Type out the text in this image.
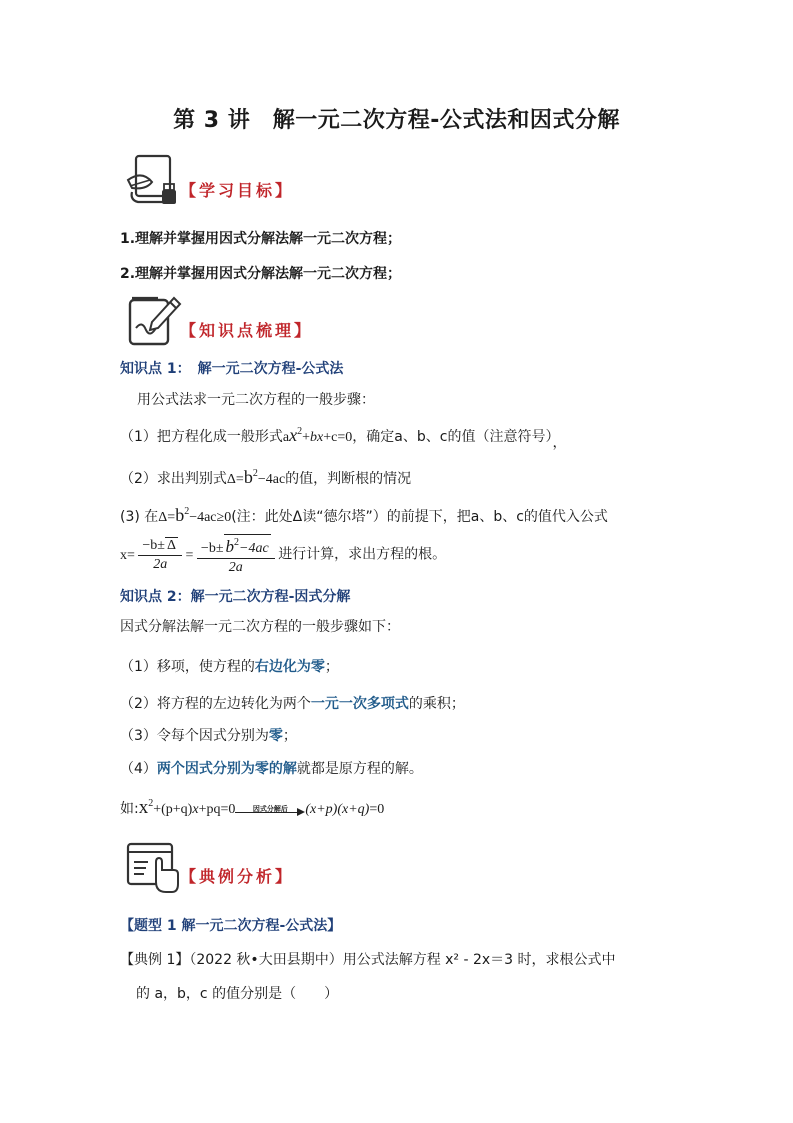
第 3 讲　解一元二次方程-公式法和因式分解
【学习目标】
1.理解并掌握用因式分解法解一元二次方程；
2.理解并掌握用因式分解法解一元二次方程；
【知识点梳理】
知识点 1：　解一元二次方程-公式法
用公式法求一元二次方程的一般步骤：
（1）把方程化成一般形式$ax^2+bx+c=0$，确定a、b、c的值（注意符号），
（2）求出判别式$\Delta=b^2-4ac$的值，判断根的情况
(3) 在$\Delta=b^2-4ac\ge 0$(注：此处Δ读“德尔塔”）的前提下，把a、b、c的值代入公式
$x= \frac{-b\pm \Delta}{2a} = \frac{-b\pm b^2-4ac}{2a}$ 进行计算，求出方程的根。
知识点 2：解一元二次方程-因式分解
因式分解法解一元二次方程的一般步骤如下：
（1）移项，使方程的右边化为零；
（2）将方程的左边转化为两个一元一次多项式的乘积；
（3）令每个因式分别为零；
（4）两个因式分别为零的解就都是原方程的解。
如$:x^2+(p+q)x+pq=0$	因式分解后	(x+p)(x+q)=0
【典例分析】
【题型 1 解一元二次方程-公式法】
【典例 1】（2022 秋•大田县期中）用公式法解方程 x² - 2x＝3 时，求根公式中
的 a，b，c 的值分别是（　　）
